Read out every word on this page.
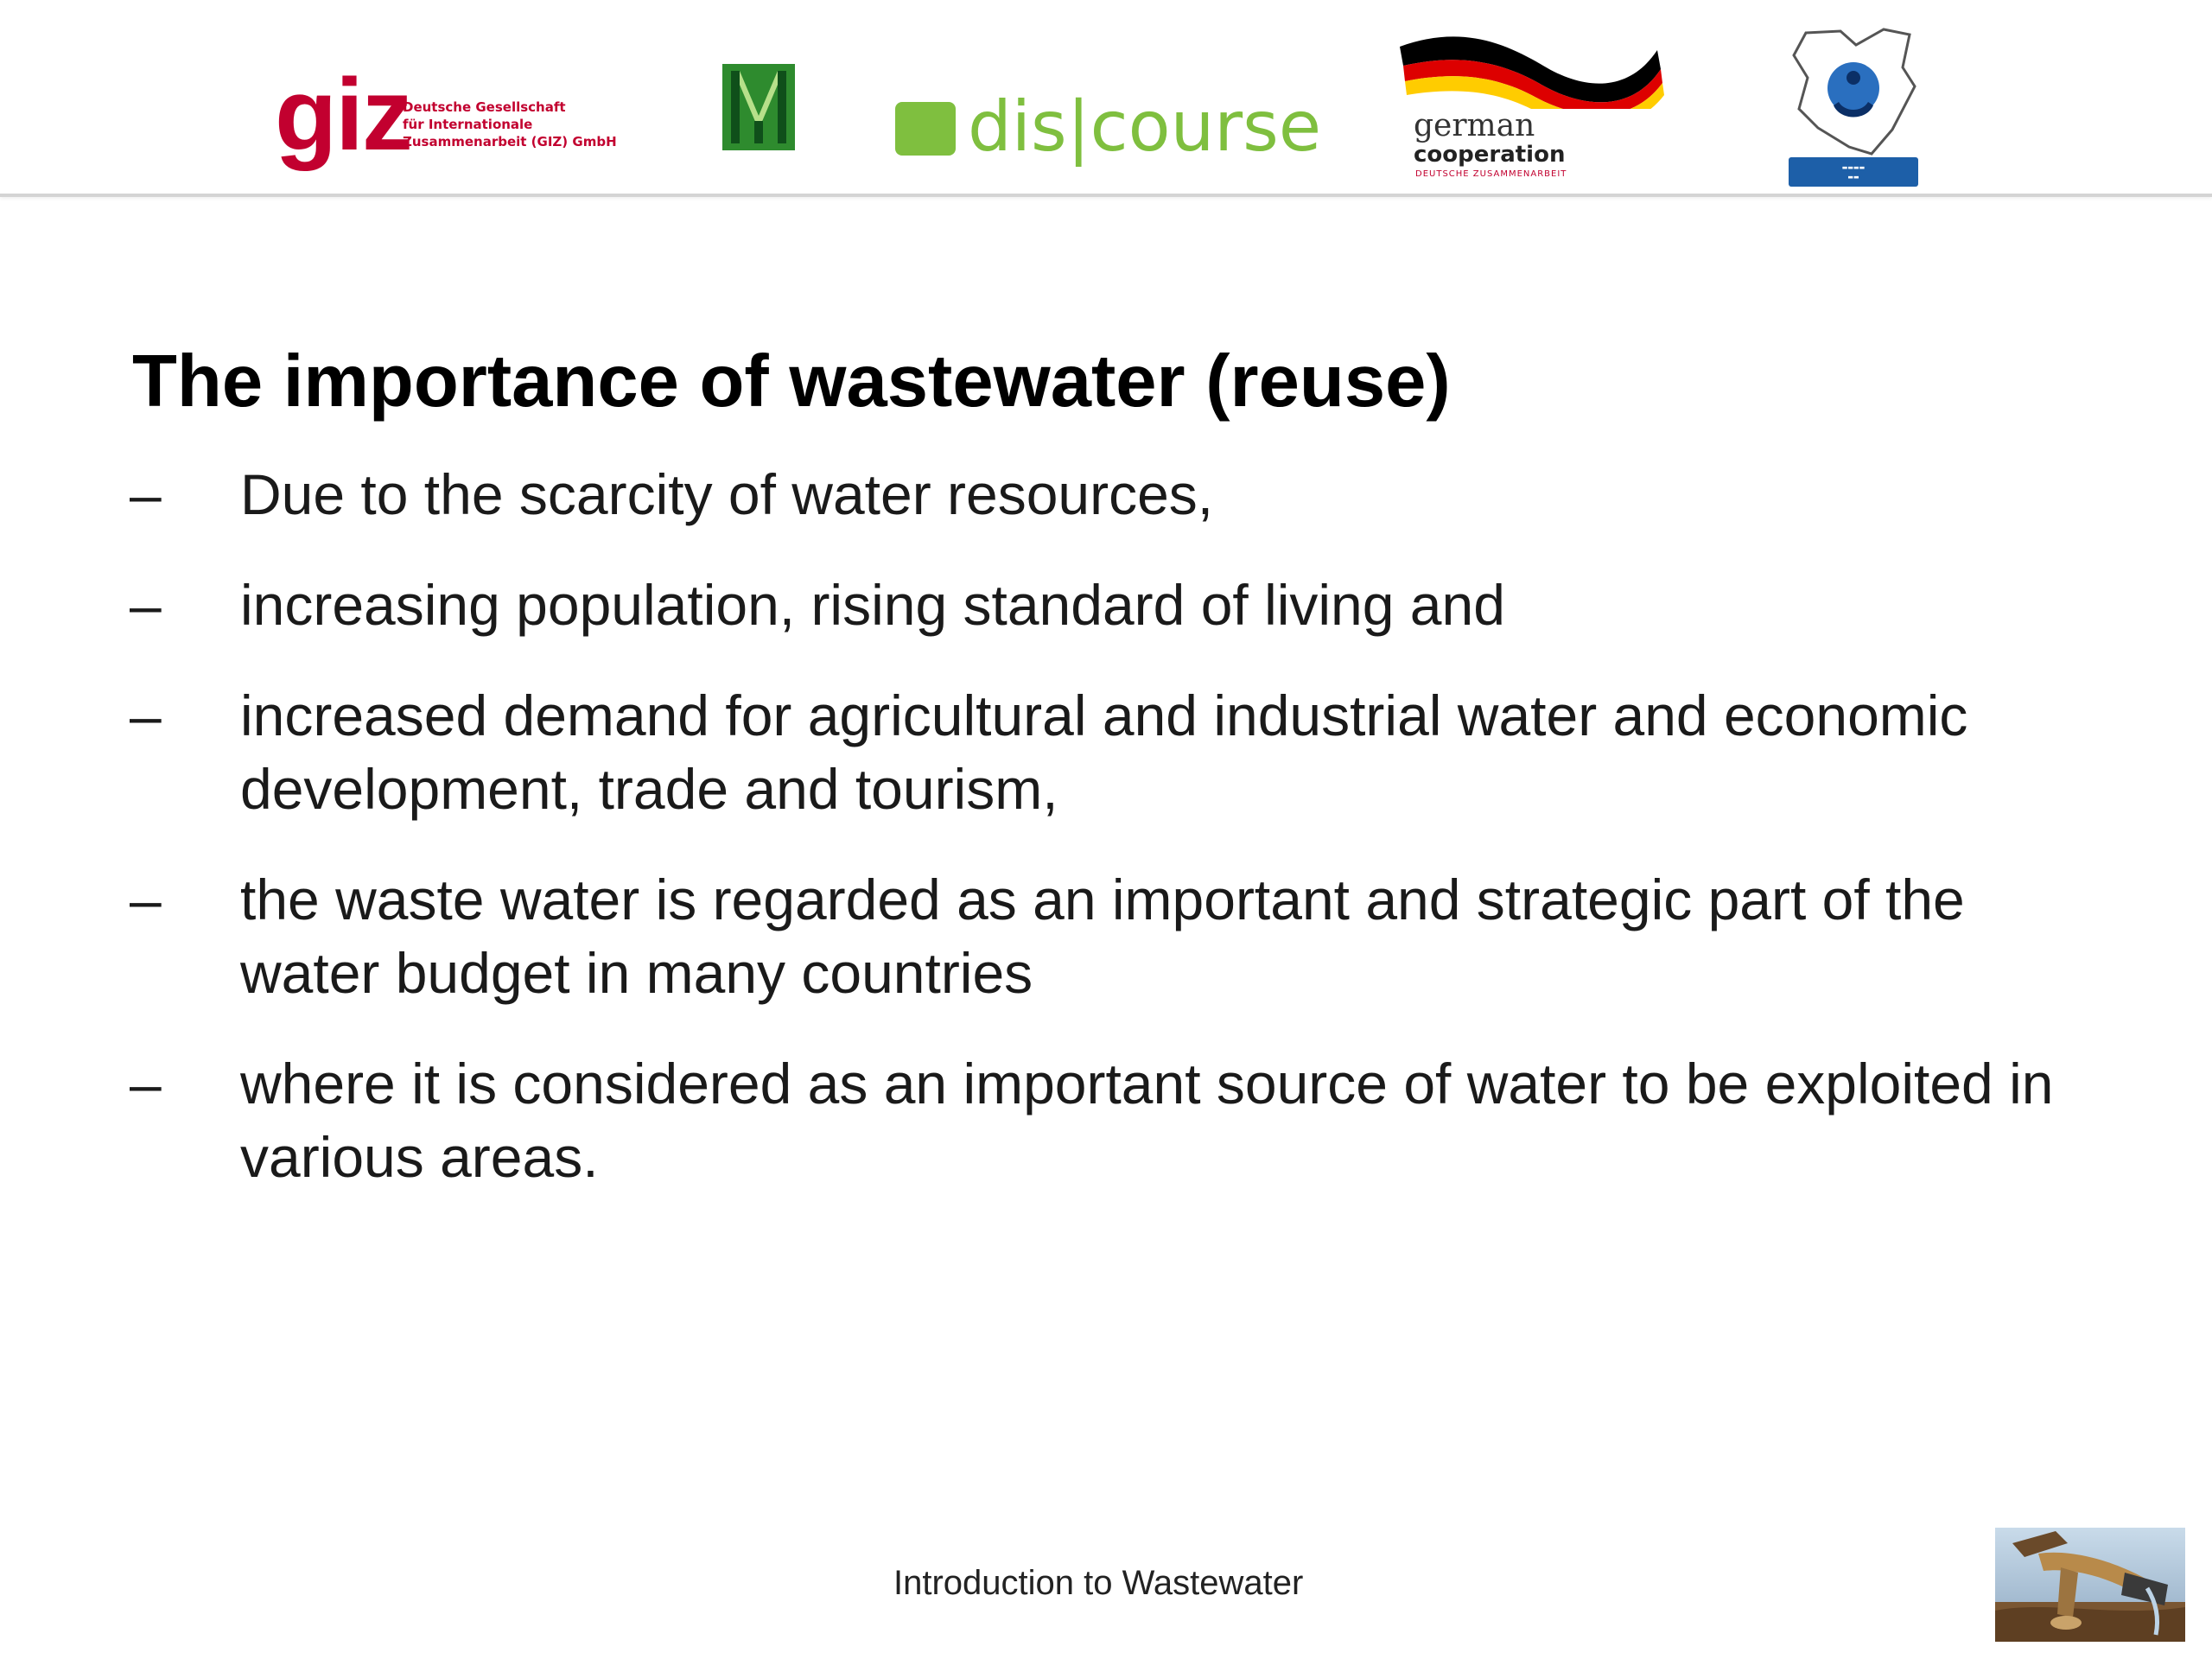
giz
Deutsche Gesellschaft
für Internationale
Zusammenarbeit (GIZ) GmbH	dis|course	german
cooperation
DEUTSCHE ZUSAMMENARBEIT
▬▬▬▬
▬▬
The importance of wastewater (reuse)
– Due to the scarcity of water resources,
– increasing population, rising standard of living and
– increased demand for agricultural and industrial water and economic development, trade and tourism,
– the waste water is regarded as an important and strategic part of the water budget in many countries
– where it is considered as an important source of water to be exploited in various areas.
Introduction to Wastewater
